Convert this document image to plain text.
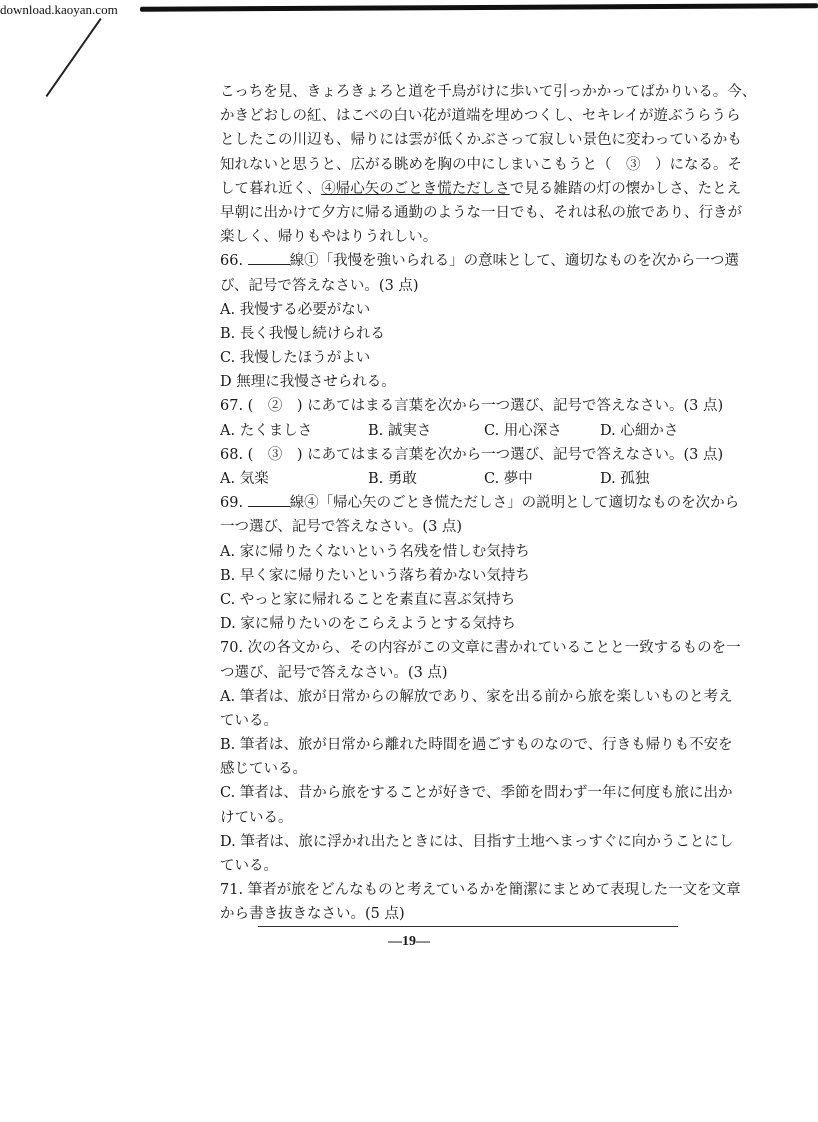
download.kaoyan.com
こっちを見、きょろきょろと道を千鳥がけに歩いて引っかかってばかりいる。今、
かきどおしの紅、はこべの白い花が道端を埋めつくし、セキレイが遊ぶうらうら
としたこの川辺も、帰りには雲が低くかぶさって寂しい景色に変わっているかも
知れないと思うと、広がる眺めを胸の中にしまいこもうと（　③　）になる。そ
して暮れ近く、④帰心矢のごとき慌ただしさで見る雑踏の灯の懐かしさ、たとえ
早朝に出かけて夕方に帰る通勤のような一日でも、それは私の旅であり、行きが
楽しく、帰りもやはりうれしい。
66.	線①「我慢を強いられる」の意味として、適切なものを次から一つ選
び、記号で答えなさい。(3 点)
A. 我慢する必要がない
B. 長く我慢し続けられる
C. 我慢したほうがよい
D 無理に我慢させられる。
67. (　②　) にあてはまる言葉を次から一つ選び、記号で答えなさい。(3 点)
A. たくましさ	B. 誠実さ	C. 用心深さ	D. 心細かさ
68. (　③　) にあてはまる言葉を次から一つ選び、記号で答えなさい。(3 点)
A. 気楽	B. 勇敢	C. 夢中	D. 孤独
69.	線④「帰心矢のごとき慌ただしさ」の説明として適切なものを次から
一つ選び、記号で答えなさい。(3 点)
A. 家に帰りたくないという名残を惜しむ気持ち
B. 早く家に帰りたいという落ち着かない気持ち
C. やっと家に帰れることを素直に喜ぶ気持ち
D. 家に帰りたいのをこらえようとする気持ち
70. 次の各文から、その内容がこの文章に書かれていることと一致するものを一
つ選び、記号で答えなさい。(3 点)
A. 筆者は、旅が日常からの解放であり、家を出る前から旅を楽しいものと考え
ている。
B. 筆者は、旅が日常から離れた時間を過ごすものなので、行きも帰りも不安を
感じている。
C. 筆者は、昔から旅をすることが好きで、季節を問わず一年に何度も旅に出か
けている。
D. 筆者は、旅に浮かれ出たときには、目指す土地へまっすぐに向かうことにし
ている。
71. 筆者が旅をどんなものと考えているかを簡潔にまとめて表現した一文を文章
から書き抜きなさい。(5 点)
—19—
